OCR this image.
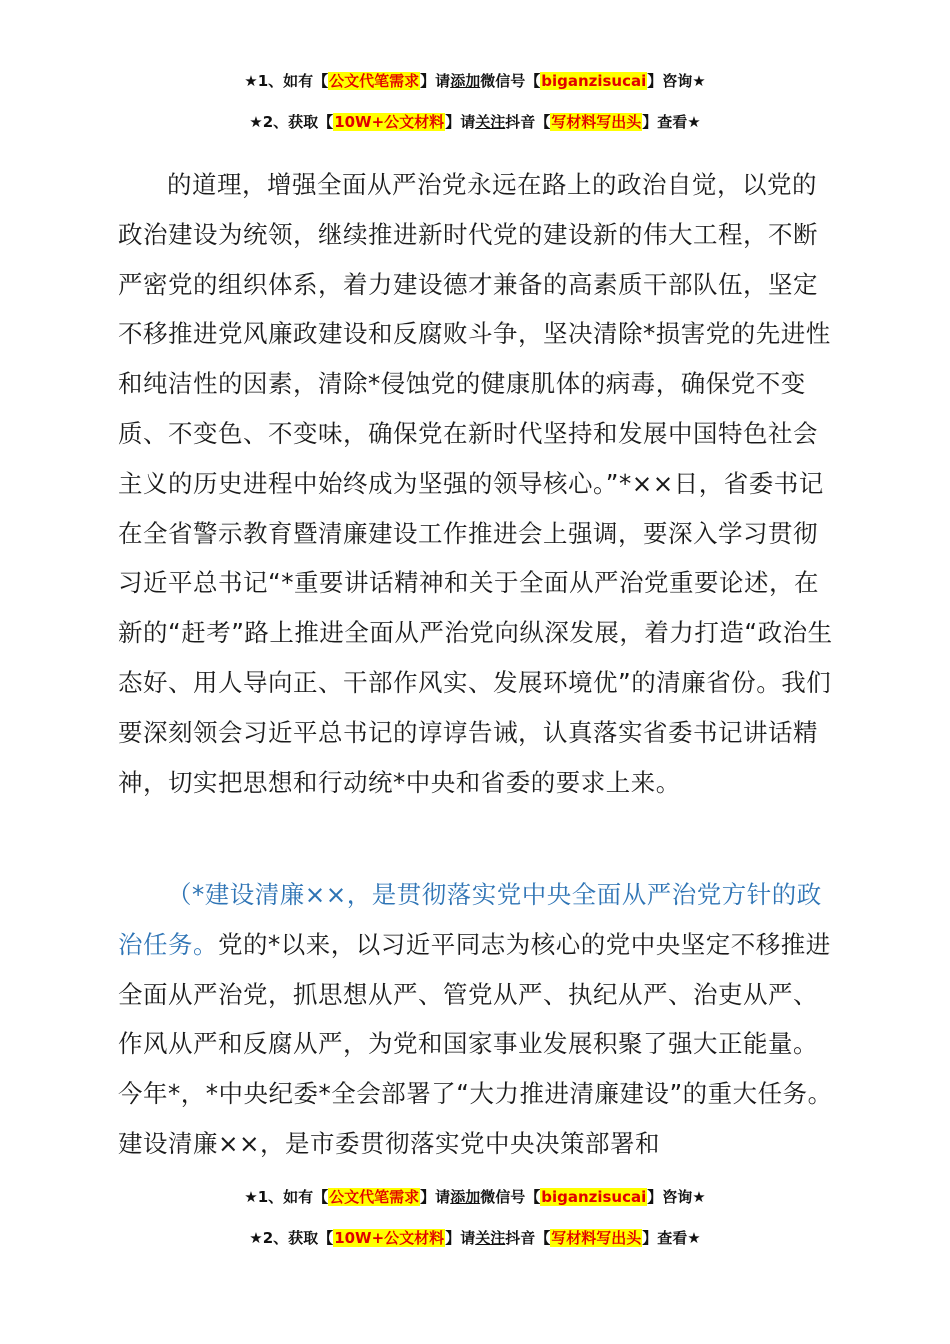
★1、如有【公文代笔需求】请添加微信号【biganzisucai】咨询★
★2、获取【10W+公文材料】请关注抖音【写材料写出头】查看★

的道理，增强全面从严治党永远在路上的政治自觉，以党的政治建设为统领，继续推进新时代党的建设新的伟大工程，不断严密党的组织体系，着力建设德才兼备的高素质干部队伍，坚定不移推进党风廉政建设和反腐败斗争，坚决清除*损害党的先进性和纯洁性的因素，清除*侵蚀党的健康肌体的病毒，确保党不变质、不变色、不变味，确保党在新时代坚持和发展中国特色社会主义的历史进程中始终成为坚强的领导核心。”*××日，省委书记在全省警示教育暨清廉建设工作推进会上强调，要深入学习贯彻习近平总书记“*重要讲话精神和关于全面从严治党重要论述，在新的“赶考”路上推进全面从严治党向纵深发展，着力打造“政治生态好、用人导向正、干部作风实、发展环境优”的清廉省份。我们要深刻领会习近平总书记的谆谆告诫，认真落实省委书记讲话精神，切实把思想和行动统*中央和省委的要求上来。

（*建设清廉××，是贯彻落实党中央全面从严治党方针的政治任务。党的*以来，以习近平同志为核心的党中央坚定不移推进全面从严治党，抓思想从严、管党从严、执纪从严、治吏从严、作风从严和反腐从严，为党和国家事业发展积聚了强大正能量。今年*，*中央纪委*全会部署了“大力推进清廉建设”的重大任务。建设清廉××，是市委贯彻落实党中央决策部署和

★1、如有【公文代笔需求】请添加微信号【biganzisucai】咨询★
★2、获取【10W+公文材料】请关注抖音【写材料写出头】查看★
